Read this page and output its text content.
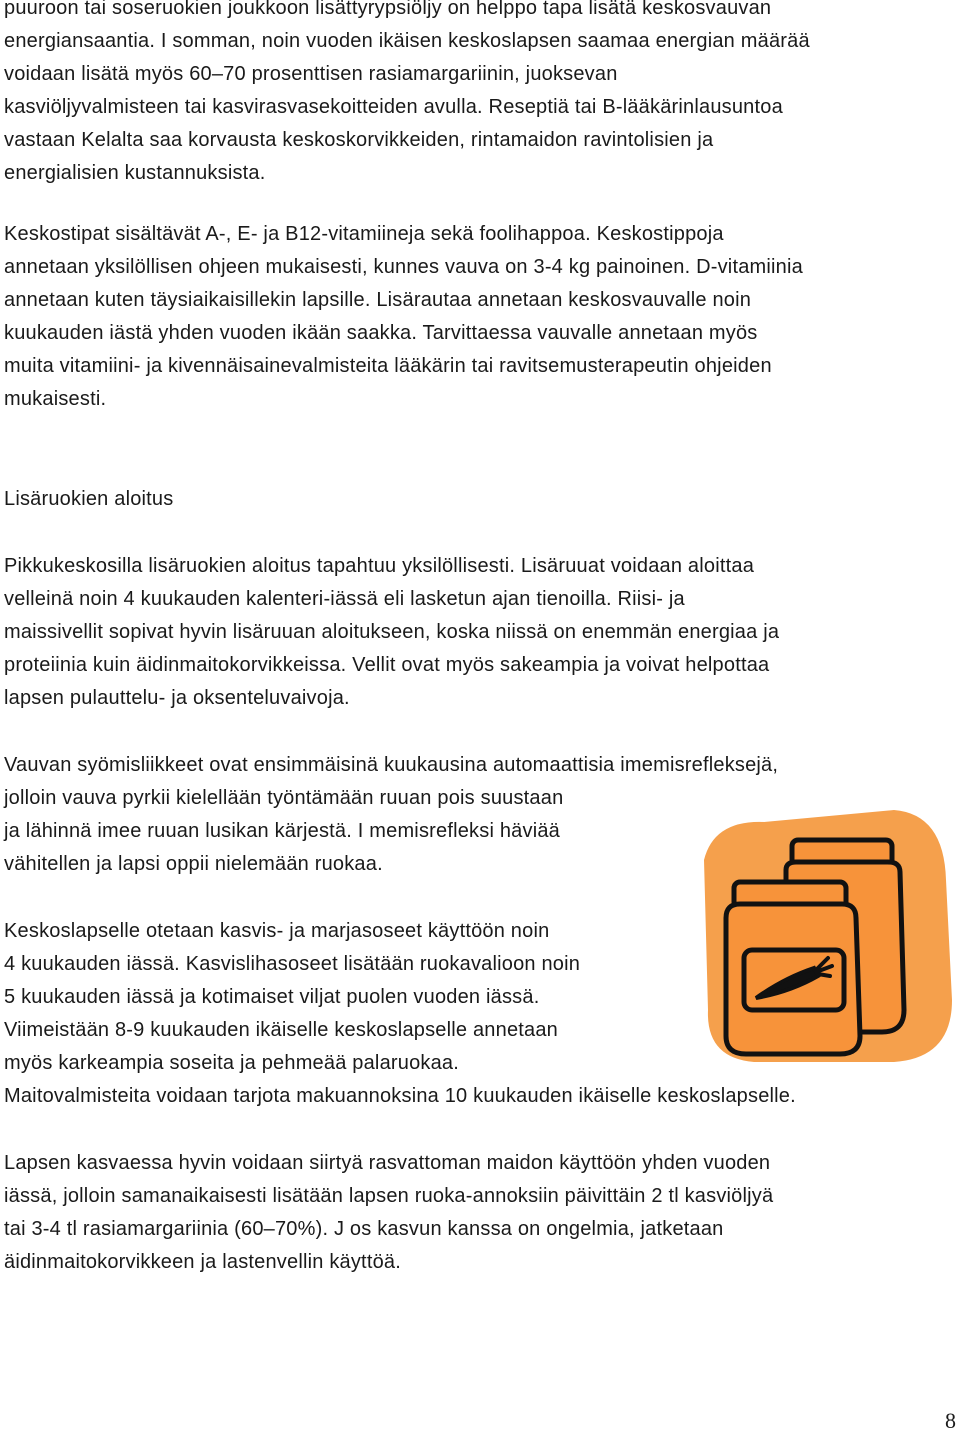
puuroon tai soseruokien joukkoon lisättyrypsiöljy on helppo tapa lisätä keskosvauvan
energiansaantia. I somman, noin vuoden ikäisen keskoslapsen saamaa energian määrää
voidaan lisätä myös 60–70 prosenttisen rasiamargariinin, juoksevan
kasviöljyvalmisteen tai kasvirasvasekoitteiden avulla. Reseptiä tai B-lääkärinlausuntoa
vastaan Kelalta saa korvausta keskoskorvikkeiden, rintamaidon ravintolisien ja
energialisien kustannuksista.
Keskostipat sisältävät A-, E- ja B12-vitamiineja sekä foolihappoa. Keskostippoja
annetaan yksilöllisen ohjeen mukaisesti, kunnes vauva on 3-4 kg painoinen. D-vitamiinia
annetaan kuten täysiaikaisillekin lapsille. Lisärautaa annetaan keskosvauvalle noin
kuukauden iästä yhden vuoden ikään saakka. Tarvittaessa vauvalle annetaan myös
muita vitamiini- ja kivennäisainevalmisteita lääkärin tai ravitsemusterapeutin ohjeiden
mukaisesti.
Lisäruokien aloitus
Pikkukeskosilla lisäruokien aloitus tapahtuu yksilöllisesti. Lisäruuat voidaan aloittaa
velleinä noin 4 kuukauden kalenteri-iässä eli lasketun ajan tienoilla. Riisi- ja
maissivellit sopivat hyvin lisäruuan aloitukseen, koska niissä on enemmän energiaa ja
proteiinia kuin äidinmaitokorvikkeissa. Vellit ovat myös sakeampia ja voivat helpottaa
lapsen pulauttelu- ja oksenteluvaivoja.
Vauvan syömisliikkeet ovat ensimmäisinä kuukausina automaattisia imemisrefleksejä,
jolloin vauva pyrkii kielellään työntämään ruuan pois suustaan
ja lähinnä imee ruuan lusikan kärjestä. I memisrefleksi häviää
vähitellen ja lapsi oppii nielemään ruokaa.
Keskoslapselle otetaan kasvis- ja marjasoseet käyttöön noin
4 kuukauden iässä. Kasvislihasoseet lisätään ruokavalioon noin
5 kuukauden iässä ja kotimaiset viljat puolen vuoden iässä.
Viimeistään 8-9 kuukauden ikäiselle keskoslapselle annetaan
myös karkeampia soseita ja pehmeää palaruokaa.
Maitovalmisteita voidaan tarjota makuannoksina 10 kuukauden ikäiselle keskoslapselle.
Lapsen kasvaessa hyvin voidaan siirtyä rasvattoman maidon käyttöön yhden vuoden
iässä, jolloin samanaikaisesti lisätään lapsen ruoka-annoksiin päivittäin 2 tl kasviöljyä
tai 3-4 tl rasiamargariinia (60–70%). J os kasvun kanssa on ongelmia, jatketaan
äidinmaitokorvikkeen ja lastenvellin käyttöä.
8
